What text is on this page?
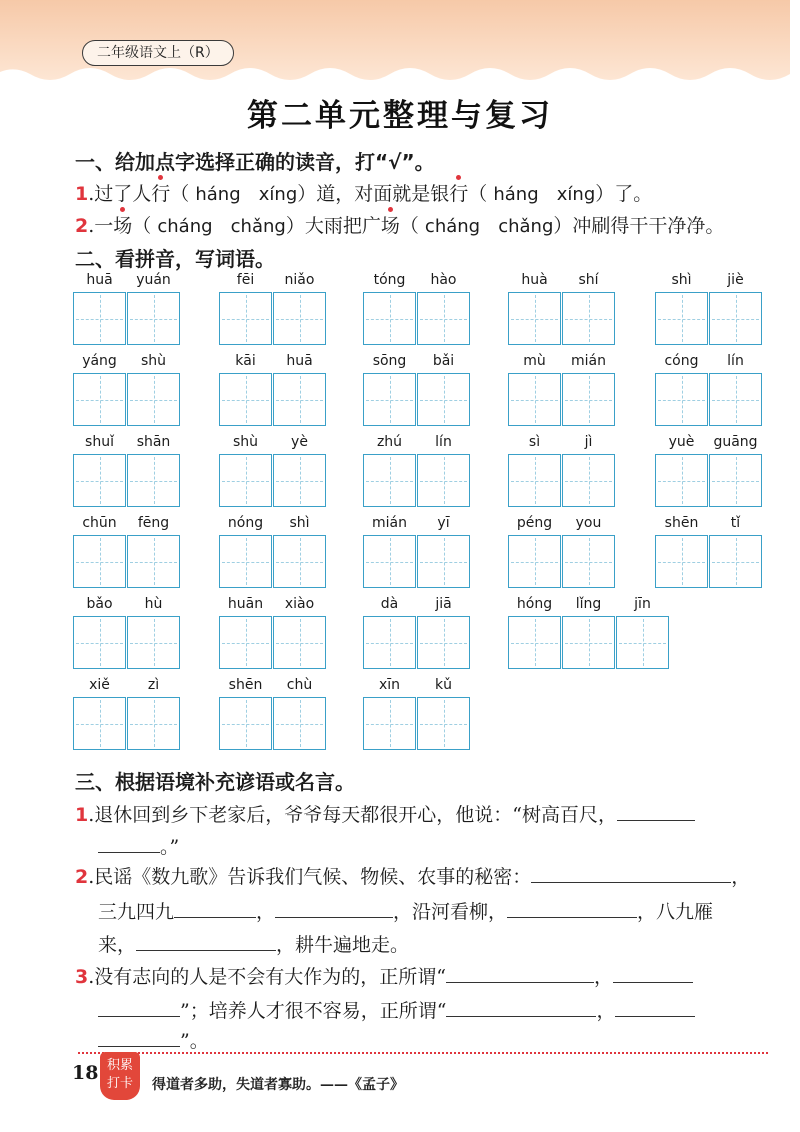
二年级语文上（R）
第二单元整理与复习
一、给加点字选择正确的读音，打“√”。
1.过了人行（ háng xíng）道，对面就是银行（ háng xíng）了。
2.一场（ cháng chǎng）大雨把广场（ cháng chǎng）冲刷得干干净净。
二、看拼音，写词语。
huā	yuán	fēi	niǎo	tóng	hào	huà	shí	shì	jiè
yáng	shù	kāi	huā	sōng	bǎi	mù	mián	cóng	lín
shuǐ	shān	shù	yè	zhú	lín	sì	jì	yuè	guāng
chūn	fēng	nóng	shì	mián	yī	péng	you	shēn	tǐ
bǎo	hù	huān	xiào	dà	jiā	hóng	lǐng	jīn
xiě	zì	shēn	chù	xīn	kǔ
三、根据语境补充谚语或名言。
1.退休回到乡下老家后，爷爷每天都很开心，他说：“树高百尺，
。”
2.民谣《数九歌》告诉我们气候、物候、农事的秘密：	，
三九四九	，	，沿河看柳，	，八九雁
来，	，耕牛遍地走。
3.没有志向的人是不会有大作为的，正所谓“	，
”；培养人才很不容易，正所谓“	，
”。
18 积累
打卡	得道者多助，失道者寡助。——《孟子》
